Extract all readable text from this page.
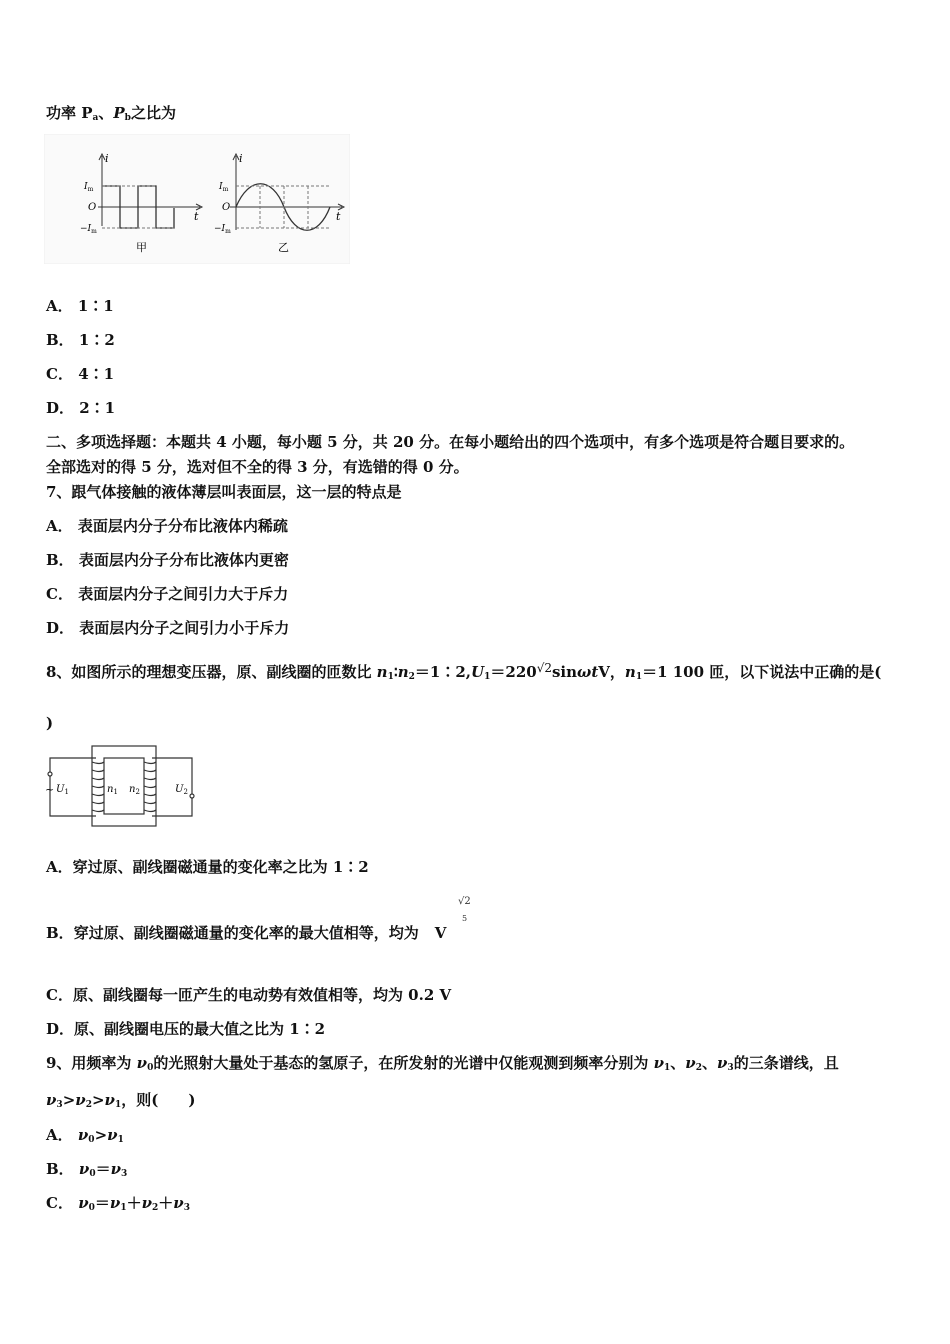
功率 $P_a$、$P_b$之比为
i
t
$I_m$
O
$-I_m$
甲
i
t
$I_m$
O
$-I_m$
乙
A． 1∶1
B． 1∶2
C． 4∶1
D． 2∶1
二、多项选择题：本题共 4 小题，每小题 5 分，共 20 分。在每小题给出的四个选项中，有多个选项是符合题目要求的。
全部选对的得 5 分，选对但不全的得 3 分，有选错的得 0 分。
7、跟气体接触的液体薄层叫表面层，这一层的特点是
A． 表面层内分子分布比液体内稀疏
B． 表面层内分子分布比液体内更密
C． 表面层内分子之间引力大于斥力
D． 表面层内分子之间引力小于斥力
8、如图所示的理想变压器，原、副线圈的匝数比 $n_1∶n_2=1∶2,U_1=220^{√2}\sin\omega tV$，$n_1=1$ 100 匝，以下说法中正确的是(
)
~ $U_1$	$n_1$ $n_2$	$U_2$
A．穿过原、副线圈磁通量的变化率之比为 1∶2
√2
5
B．穿过原、副线圈磁通量的变化率的最大值相等，均为 V
C．原、副线圈每一匝产生的电动势有效值相等，均为 0.2 V
D．原、副线圈电压的最大值之比为 1∶2
9、用频率为 $\nu_0$的光照射大量处于基态的氢原子，在所发射的光谱中仅能观测到频率分别为 $\nu_1$、$\nu_2$、$\nu_3$的三条谱线，且
$\nu_3>\nu_2>\nu_1$，则(　　)
A． $\nu_0>\nu_1$
B． $\nu_0=\nu_3$
C． $\nu_0=\nu_1+\nu_2+\nu_3$
